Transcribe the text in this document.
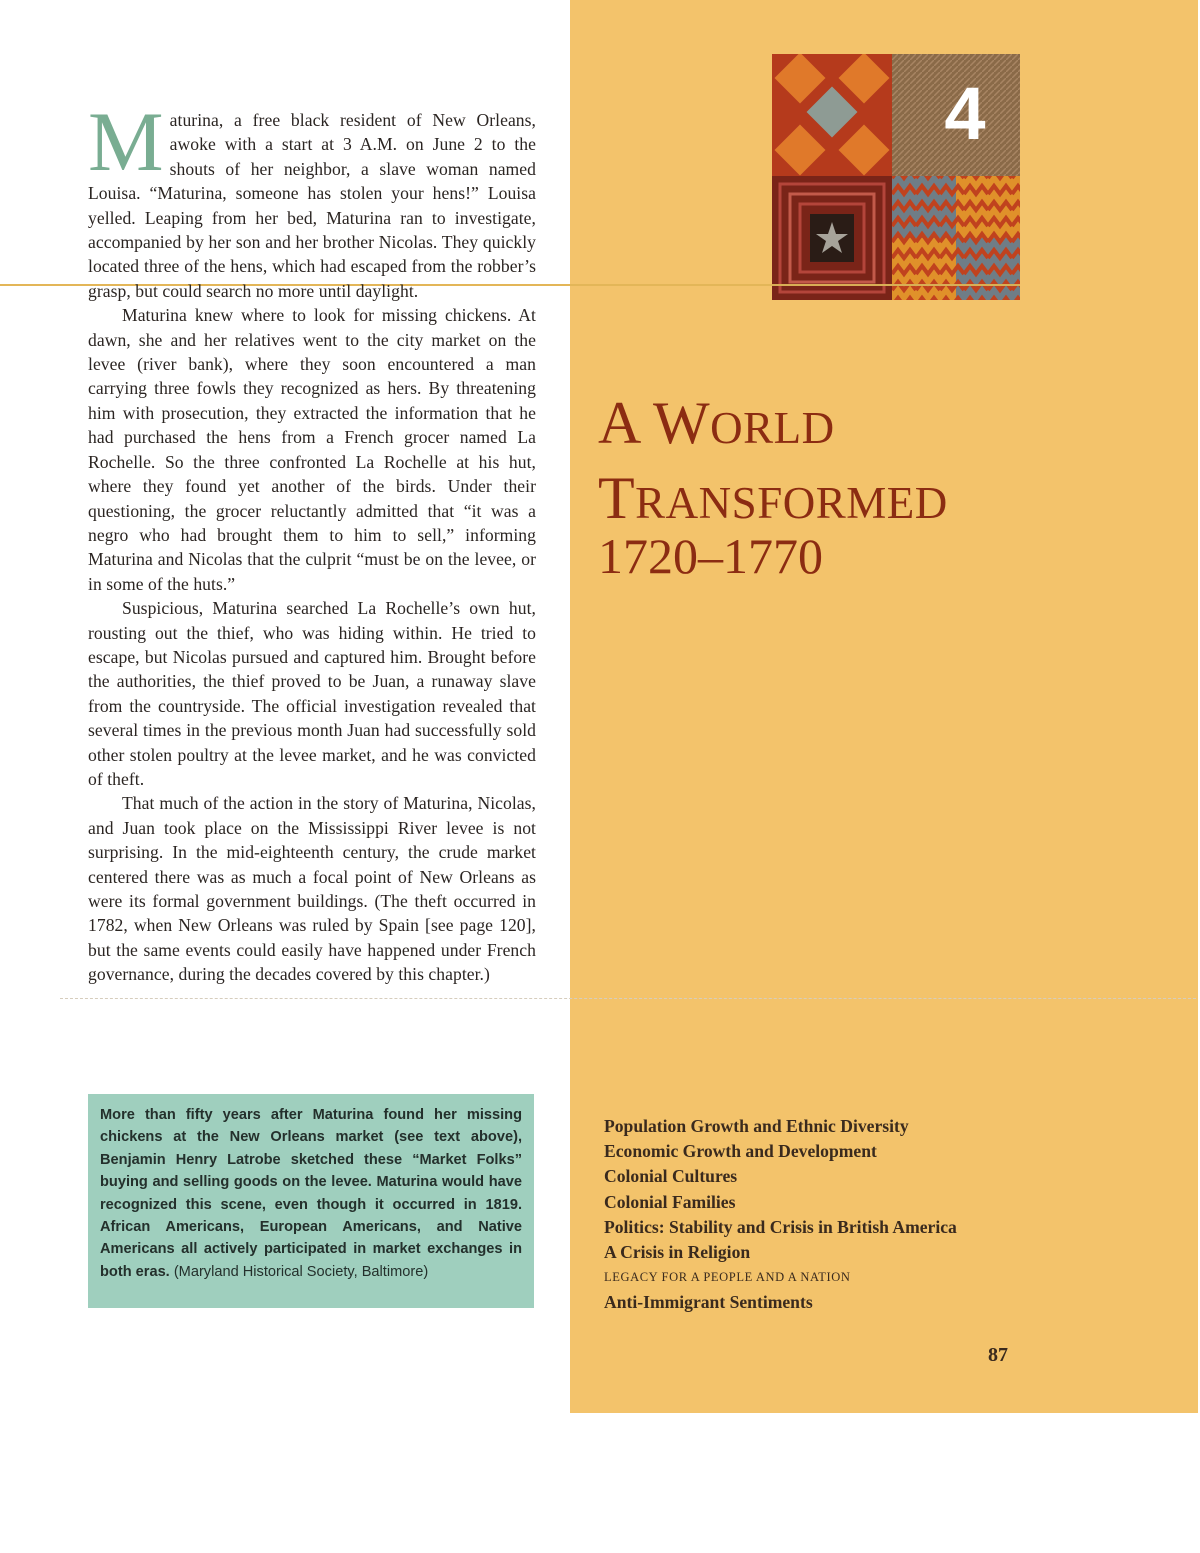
Maturina, a free black resident of New Orleans, awoke with a start at 3 A.M. on June 2 to the shouts of her neighbor, a slave woman named Louisa. “Maturina, someone has stolen your hens!” Louisa yelled. Leaping from her bed, Maturina ran to investigate, accompanied by her son and her brother Nicolas. They quickly located three of the hens, which had escaped from the robber’s grasp, but could search no more until daylight.

Maturina knew where to look for missing chickens. At dawn, she and her relatives went to the city market on the levee (river bank), where they soon encountered a man carrying three fowls they recognized as hers. By threatening him with prosecution, they extracted the information that he had purchased the hens from a French grocer named La Rochelle. So the three confronted La Rochelle at his hut, where they found yet another of the birds. Under their questioning, the grocer reluctantly admitted that “it was a negro who had brought them to him to sell,” informing Maturina and Nicolas that the culprit “must be on the levee, or in some of the huts.”

Suspicious, Maturina searched La Rochelle’s own hut, rousting out the thief, who was hiding within. He tried to escape, but Nicolas pursued and captured him. Brought before the authorities, the thief proved to be Juan, a runaway slave from the countryside. The official investigation revealed that several times in the previous month Juan had successfully sold other stolen poultry at the levee market, and he was convicted of theft.

That much of the action in the story of Maturina, Nicolas, and Juan took place on the Mississippi River levee is not surprising. In the mid-eighteenth century, the crude market centered there was as much a focal point of New Orleans as were its formal government buildings. (The theft occurred in 1782, when New Orleans was ruled by Spain [see page 120], but the same events could easily have happened under French governance, during the decades covered by this chapter.)

More than fifty years after Maturina found her missing chickens at the New Orleans market (see text above), Benjamin Henry Latrobe sketched these “Market Folks” buying and selling goods on the levee. Maturina would have recognized this scene, even though it occurred in 1819. African Americans, European Americans, and Native Americans all actively participated in market exchanges in both eras. (Maryland Historical Society, Baltimore)
4
A WORLD
TRANSFORMED
1720–1770
Population Growth and Ethnic Diversity
Economic Growth and Development
Colonial Cultures
Colonial Families
Politics: Stability and Crisis in British America
A Crisis in Religion
LEGACY FOR A PEOPLE AND A NATION
Anti-Immigrant Sentiments
87
